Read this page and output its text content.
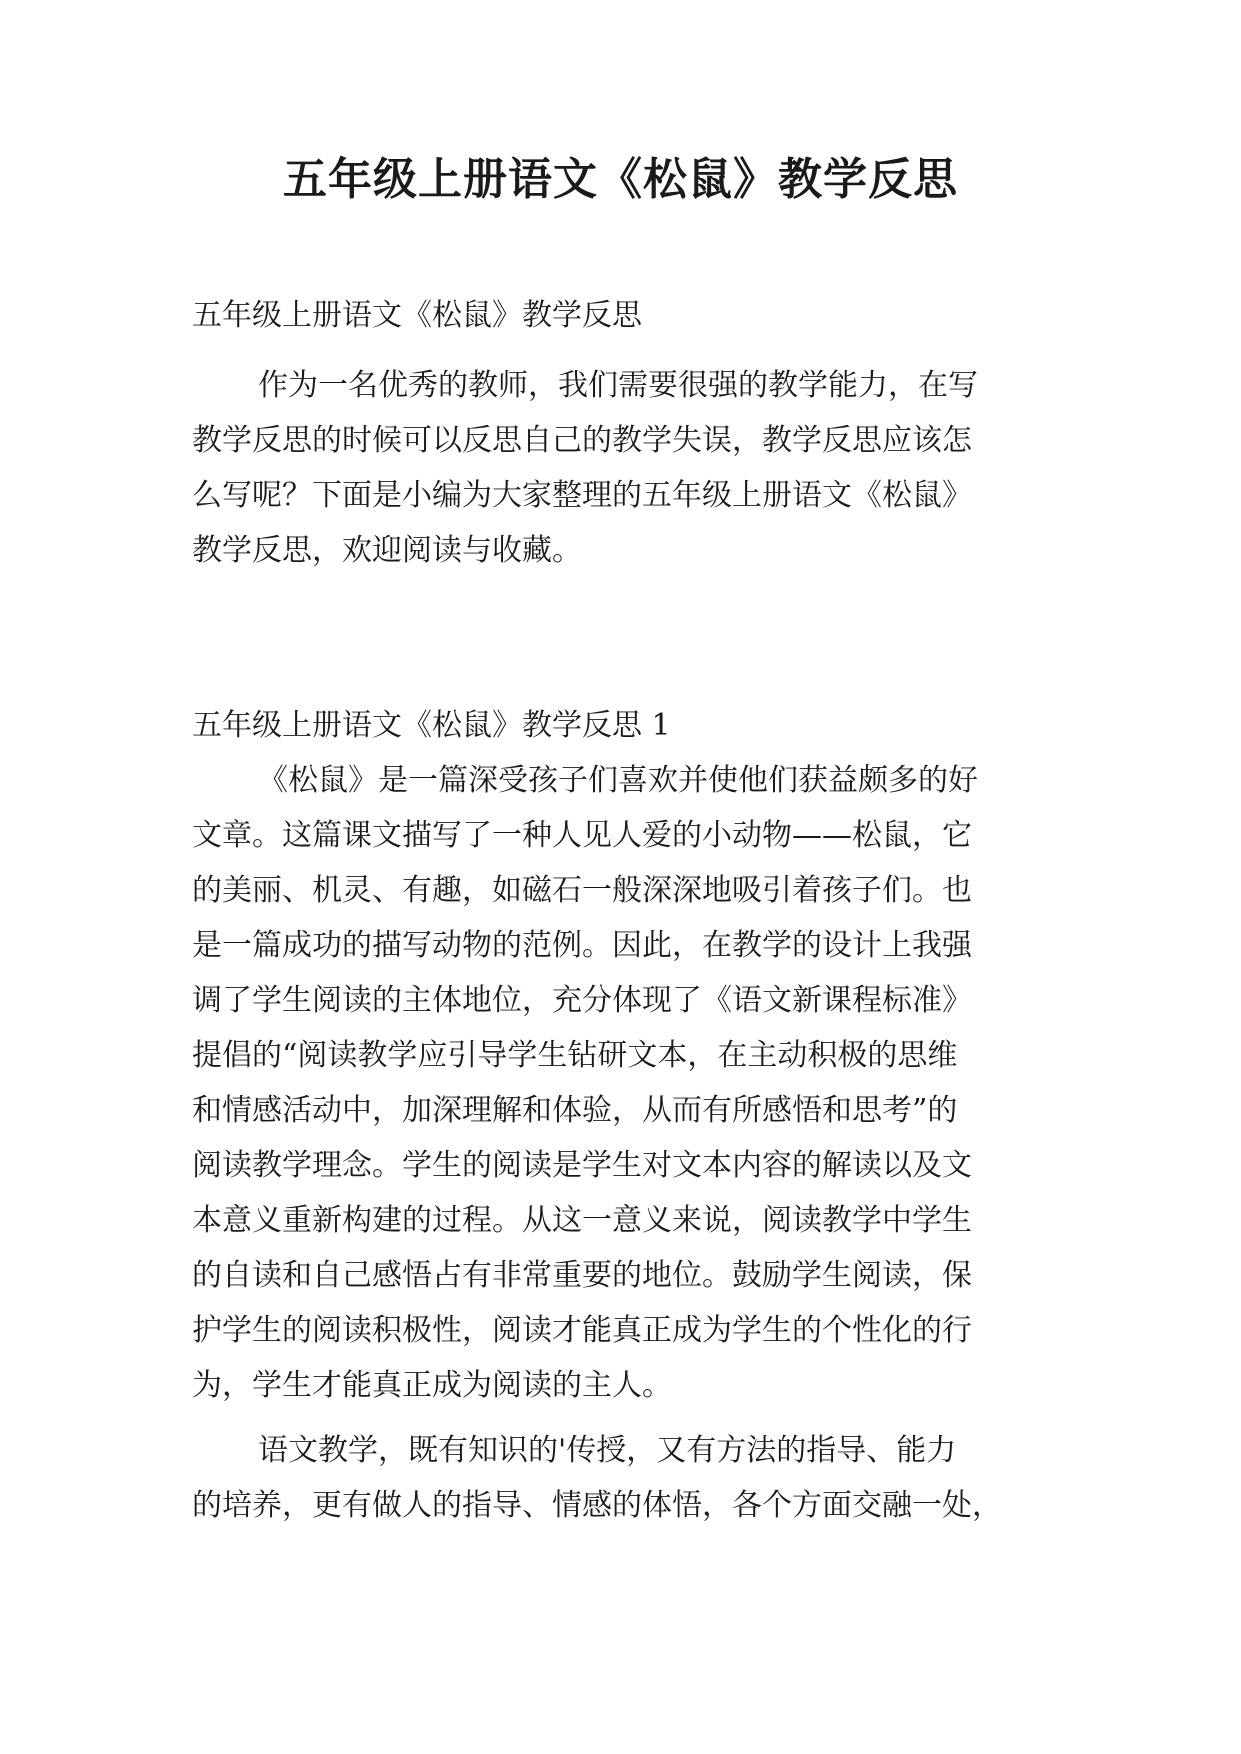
五年级上册语文《松鼠》教学反思

五年级上册语文《松鼠》教学反思

作为一名优秀的教师，我们需要很强的教学能力，在写

教学反思的时候可以反思自己的教学失误，教学反思应该怎

么写呢？下面是小编为大家整理的五年级上册语文《松鼠》

教学反思，欢迎阅读与收藏。

五年级上册语文《松鼠》教学反思 1

《松鼠》是一篇深受孩子们喜欢并使他们获益颇多的好

文章。这篇课文描写了一种人见人爱的小动物——松鼠，它

的美丽、机灵、有趣，如磁石一般深深地吸引着孩子们。也

是一篇成功的描写动物的范例。因此，在教学的设计上我强

调了学生阅读的主体地位，充分体现了《语文新课程标准》

提倡的“阅读教学应引导学生钻研文本，在主动积极的思维

和情感活动中，加深理解和体验，从而有所感悟和思考”的

阅读教学理念。学生的阅读是学生对文本内容的解读以及文

本意义重新构建的过程。从这一意义来说，阅读教学中学生

的自读和自己感悟占有非常重要的地位。鼓励学生阅读，保

护学生的阅读积极性，阅读才能真正成为学生的个性化的行

为，学生才能真正成为阅读的主人。

语文教学，既有知识的'传授，又有方法的指导、能力

的培养，更有做人的指导、情感的体悟，各个方面交融一处，
